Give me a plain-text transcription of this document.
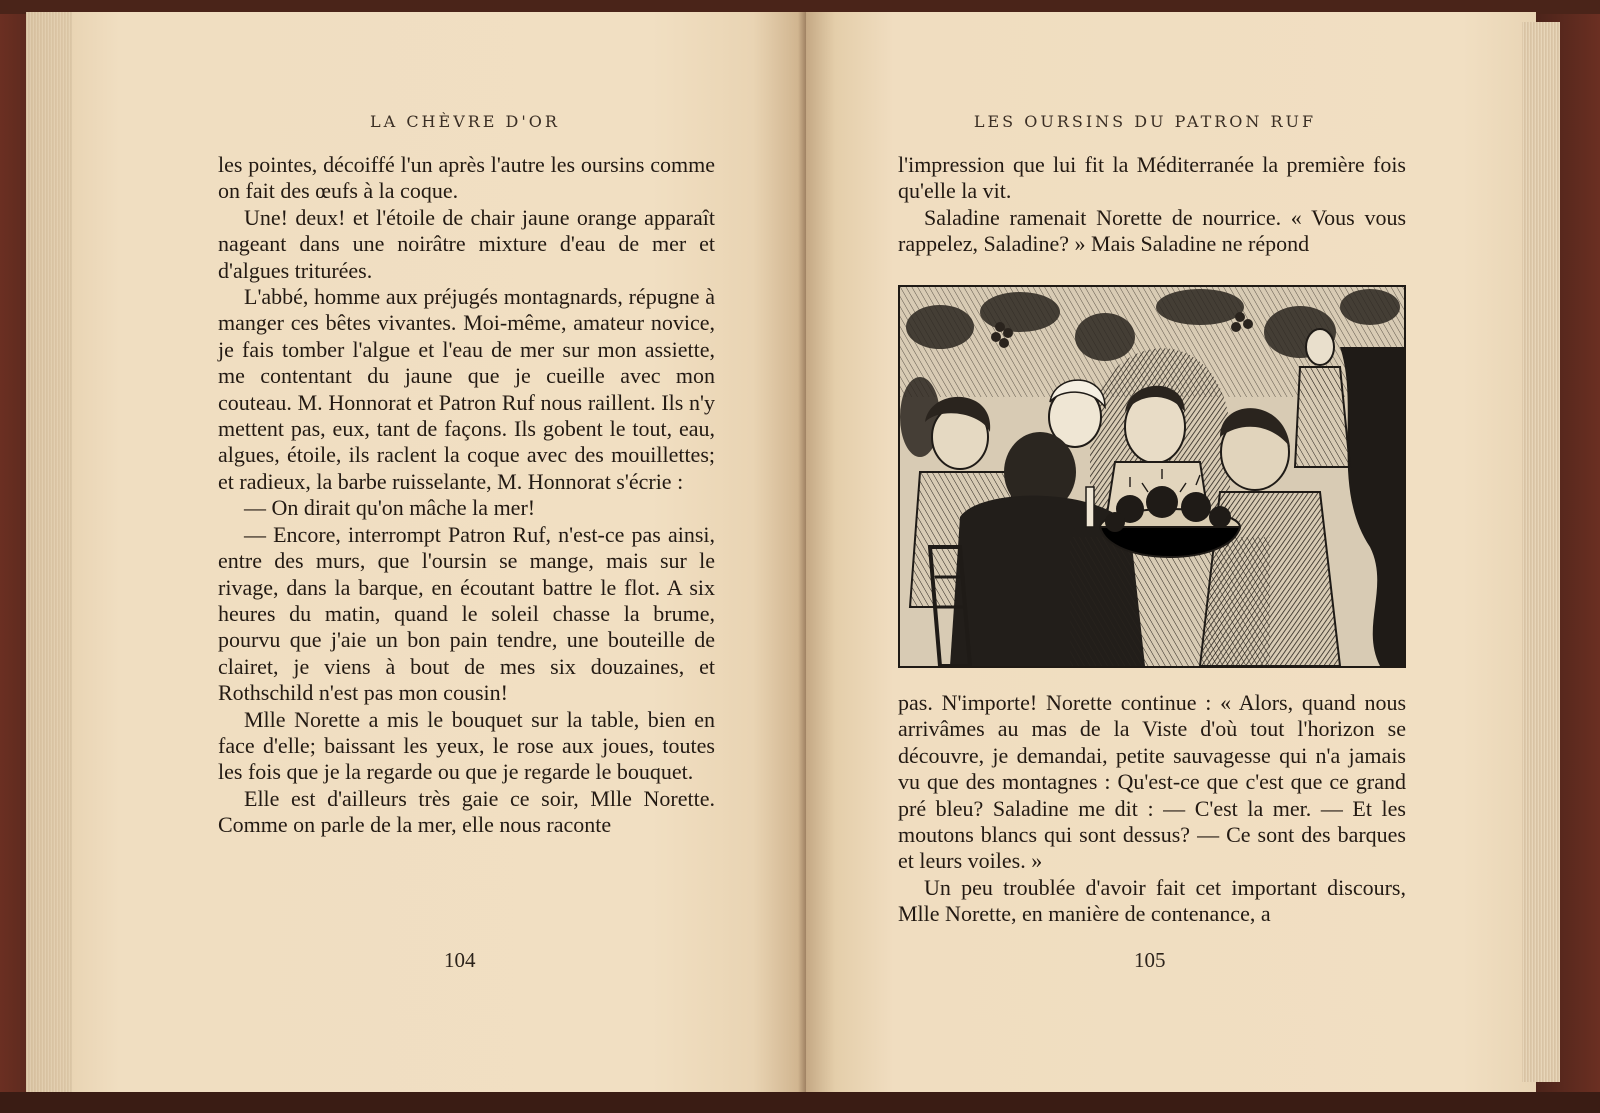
LA CHÈVRE D'OR

les pointes, décoiffé l'un après l'autre les oursins comme on fait des œufs à la coque.

Une! deux! et l'étoile de chair jaune orange apparaît nageant dans une noirâtre mixture d'eau de mer et d'algues triturées.

L'abbé, homme aux préjugés montagnards, répugne à manger ces bêtes vivantes. Moi-même, amateur novice, je fais tomber l'algue et l'eau de mer sur mon assiette, me contentant du jaune que je cueille avec mon couteau. M. Honnorat et Patron Ruf nous raillent. Ils n'y mettent pas, eux, tant de façons. Ils gobent le tout, eau, algues, étoile, ils raclent la coque avec des mouillettes; et radieux, la barbe ruisselante, M. Honnorat s'écrie :

— On dirait qu'on mâche la mer!

— Encore, interrompt Patron Ruf, n'est-ce pas ainsi, entre des murs, que l'oursin se mange, mais sur le rivage, dans la barque, en écoutant battre le flot. A six heures du matin, quand le soleil chasse la brume, pourvu que j'aie un bon pain tendre, une bouteille de clairet, je viens à bout de mes six douzaines, et Rothschild n'est pas mon cousin!

Mlle Norette a mis le bouquet sur la table, bien en face d'elle; baissant les yeux, le rose aux joues, toutes les fois que je la regarde ou que je regarde le bouquet.

Elle est d'ailleurs très gaie ce soir, Mlle Norette. Comme on parle de la mer, elle nous raconte

104
LES OURSINS DU PATRON RUF

l'impression que lui fit la Méditerranée la première fois qu'elle la vit.

Saladine ramenait Norette de nourrice. « Vous vous rappelez, Saladine? » Mais Saladine ne répond

pas. N'importe! Norette continue : « Alors, quand nous arrivâmes au mas de la Viste d'où tout l'horizon se découvre, je demandai, petite sauvagesse qui n'a jamais vu que des montagnes : Qu'est-ce que c'est que ce grand pré bleu? Saladine me dit : — C'est la mer. — Et les moutons blancs qui sont dessus? — Ce sont des barques et leurs voiles. »

Un peu troublée d'avoir fait cet important discours, Mlle Norette, en manière de contenance, a

105
